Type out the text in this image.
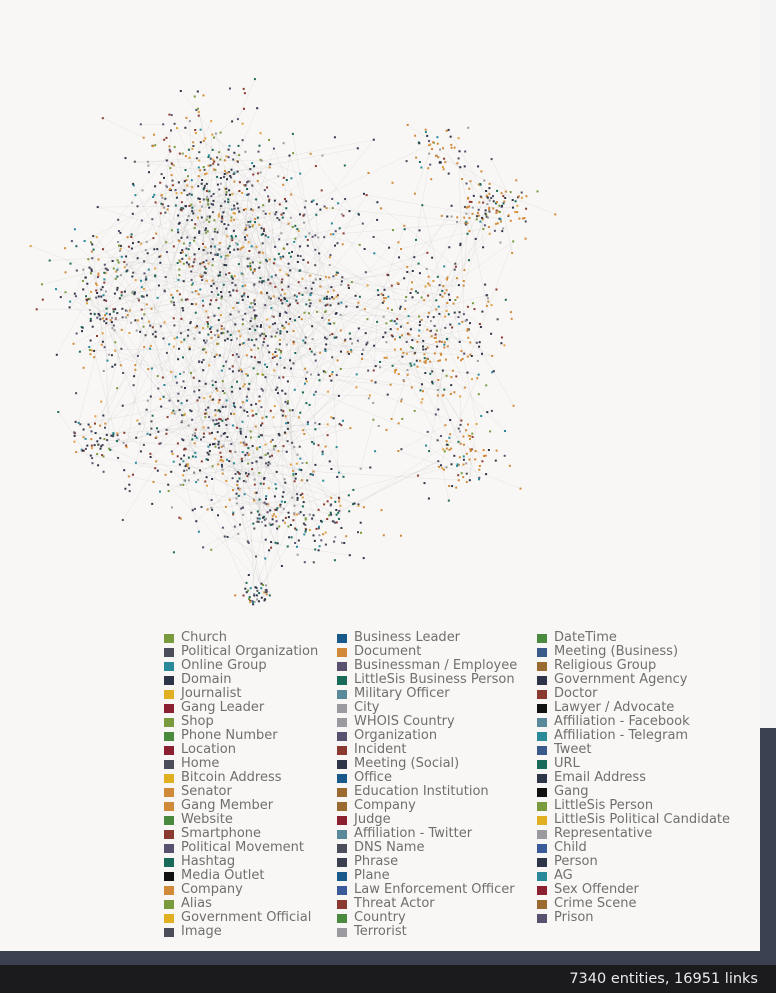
Church
Political Organization
Online Group
Domain
Journalist
Gang Leader
Shop
Phone Number
Location
Home
Bitcoin Address
Senator
Gang Member
Website
Smartphone
Political Movement
Hashtag
Media Outlet
Company
Alias
Government Official
Image
Business Leader
Document
Businessman / Employee
LittleSis Business Person
Military Officer
City
WHOIS Country
Organization
Incident
Meeting (Social)
Office
Education Institution
Company
Judge
Affiliation - Twitter
DNS Name
Phrase
Plane
Law Enforcement Officer
Threat Actor
Country
Terrorist
DateTime
Meeting (Business)
Religious Group
Government Agency
Doctor
Lawyer / Advocate
Affiliation - Facebook
Affiliation - Telegram
Tweet
URL
Email Address
Gang
LittleSis Person
LittleSis Political Candidate
Representative
Child
Person
AG
Sex Offender
Crime Scene
Prison
7340 entities, 16951 links
